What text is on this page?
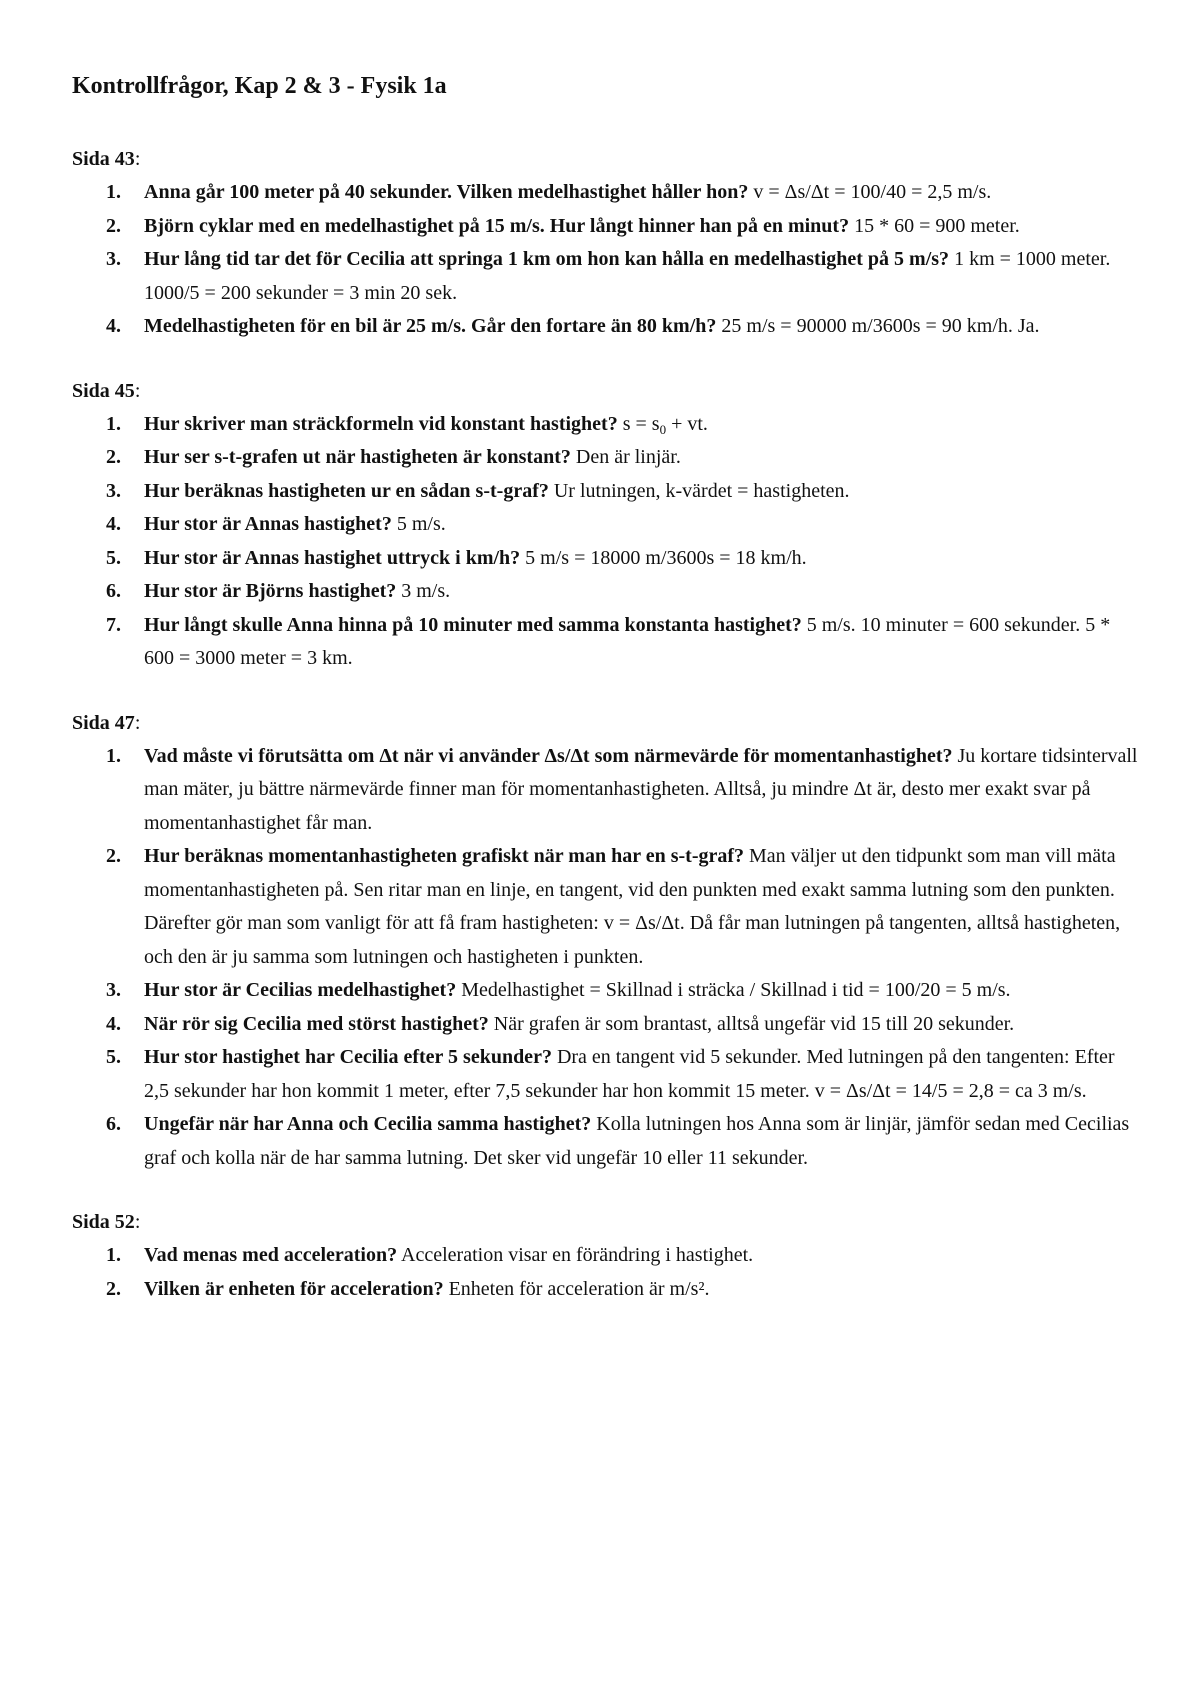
Kontrollfrågor, Kap 2 & 3 - Fysik 1a

Sida 43:

1. Anna går 100 meter på 40 sekunder. Vilken medelhastighet håller hon? v = Δs/Δt = 100/40 = 2,5 m/s.
2. Björn cyklar med en medelhastighet på 15 m/s. Hur långt hinner han på en minut? 15 * 60 = 900 meter.
3. Hur lång tid tar det för Cecilia att springa 1 km om hon kan hålla en medelhastighet på 5 m/s? 1 km = 1000 meter. 1000/5 = 200 sekunder = 3 min 20 sek.
4. Medelhastigheten för en bil är 25 m/s. Går den fortare än 80 km/h? 25 m/s = 90000 m/3600s = 90 km/h. Ja.

Sida 45:

1. Hur skriver man sträckformeln vid konstant hastighet? $s = s_0$ + vt.
2. Hur ser s-t-grafen ut när hastigheten är konstant? Den är linjär.
3. Hur beräknas hastigheten ur en sådan s-t-graf? Ur lutningen, k-värdet = hastigheten.
4. Hur stor är Annas hastighet? 5 m/s.
5. Hur stor är Annas hastighet uttryck i km/h? 5 m/s = 18000 m/3600s = 18 km/h.
6. Hur stor är Björns hastighet? 3 m/s.
7. Hur långt skulle Anna hinna på 10 minuter med samma konstanta hastighet? 5 m/s. 10 minuter = 600 sekunder. 5 * 600 = 3000 meter = 3 km.

Sida 47:

1. Vad måste vi förutsätta om Δt när vi använder Δs/Δt som närmevärde för momentanhastighet? Ju kortare tidsintervall man mäter, ju bättre närmevärde finner man för momentanhastigheten. Alltså, ju mindre Δt är, desto mer exakt svar på momentanhastighet får man.
2. Hur beräknas momentanhastigheten grafiskt när man har en s-t-graf? Man väljer ut den tidpunkt som man vill mäta momentanhastigheten på. Sen ritar man en linje, en tangent, vid den punkten med exakt samma lutning som den punkten. Därefter gör man som vanligt för att få fram hastigheten: v = Δs/Δt. Då får man lutningen på tangenten, alltså hastigheten, och den är ju samma som lutningen och hastigheten i punkten.
3. Hur stor är Cecilias medelhastighet? Medelhastighet = Skillnad i sträcka / Skillnad i tid = 100/20 = 5 m/s.
4. När rör sig Cecilia med störst hastighet? När grafen är som brantast, alltså ungefär vid 15 till 20 sekunder.
5. Hur stor hastighet har Cecilia efter 5 sekunder? Dra en tangent vid 5 sekunder. Med lutningen på den tangenten: Efter 2,5 sekunder har hon kommit 1 meter, efter 7,5 sekunder har hon kommit 15 meter. v = Δs/Δt = 14/5 = 2,8 = ca 3 m/s.
6. Ungefär när har Anna och Cecilia samma hastighet? Kolla lutningen hos Anna som är linjär, jämför sedan med Cecilias graf och kolla när de har samma lutning. Det sker vid ungefär 10 eller 11 sekunder.

Sida 52:

1. Vad menas med acceleration? Acceleration visar en förändring i hastighet.
2. Vilken är enheten för acceleration? Enheten för acceleration är m/s².
